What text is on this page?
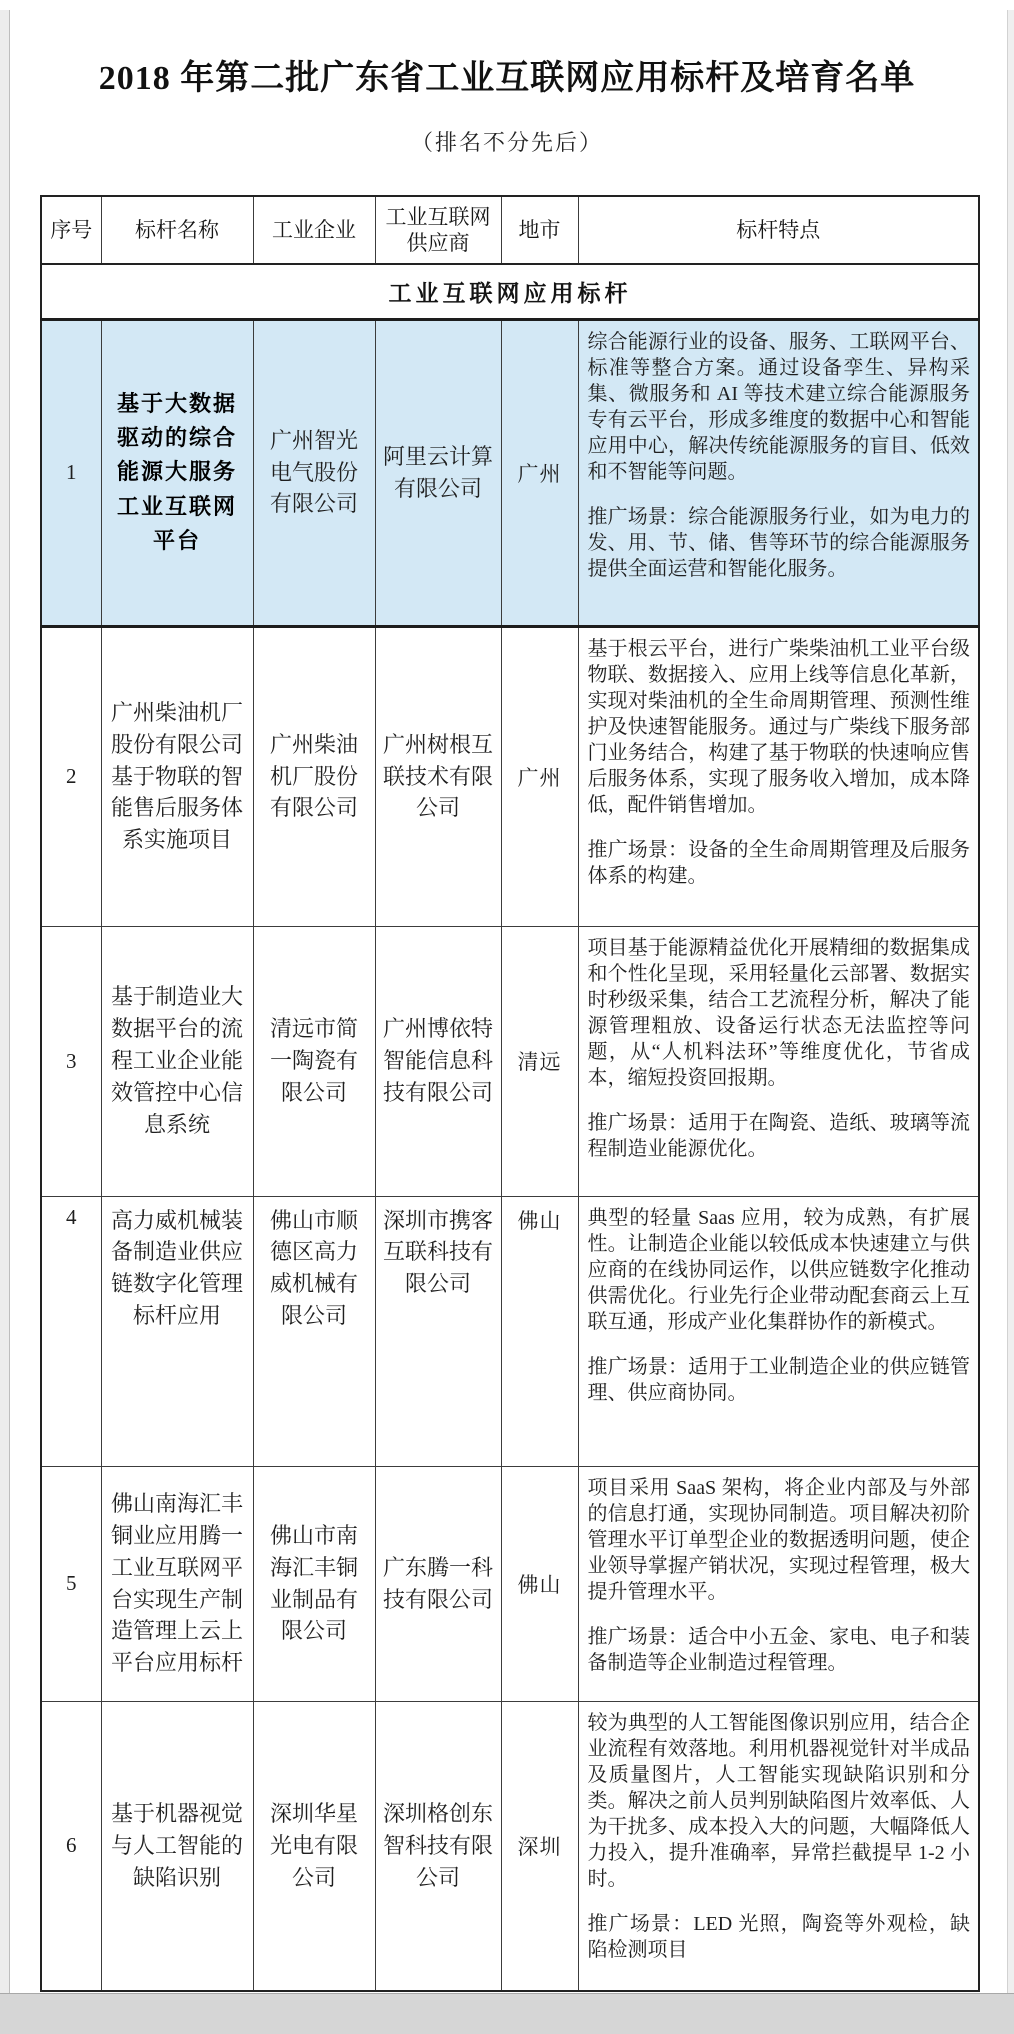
2018 年第二批广东省工业互联网应用标杆及培育名单
（排名不分先后）
序号	标杆名称	工业企业	工业互联网供应商	地市	标杆特点
工业互联网应用标杆					
1	基于大数据驱动的综合能源大服务工业互联网平台	广州智光电气股份有限公司	阿里云计算有限公司	广州	综合能源行业的设备、服务、工联网平台、标准等整合方案。通过设备孪生、异构采集、微服务和 AI 等技术建立综合能源服务专有云平台，形成多维度的数据中心和智能应用中心，解决传统能源服务的盲目、低效和不智能等问题。

推广场景：综合能源服务行业，如为电力的发、用、节、储、售等环节的综合能源服务提供全面运营和智能化服务。

2	广州柴油机厂股份有限公司基于物联的智能售后服务体系实施项目	广州柴油机厂股份有限公司	广州树根互联技术有限公司	广州	基于根云平台，进行广柴柴油机工业平台级物联、数据接入、应用上线等信息化革新，实现对柴油机的全生命周期管理、预测性维护及快速智能服务。通过与广柴线下服务部门业务结合，构建了基于物联的快速响应售后服务体系，实现了服务收入增加，成本降低，配件销售增加。

推广场景：设备的全生命周期管理及后服务体系的构建。

3	基于制造业大数据平台的流程工业企业能效管控中心信息系统	清远市简一陶瓷有限公司	广州博依特智能信息科技有限公司	清远	项目基于能源精益优化开展精细的数据集成和个性化呈现，采用轻量化云部署、数据实时秒级采集，结合工艺流程分析，解决了能源管理粗放、设备运行状态无法监控等问题，从“人机料法环”等维度优化，节省成本，缩短投资回报期。

推广场景：适用于在陶瓷、造纸、玻璃等流程制造业能源优化。

4	高力威机械装备制造业供应链数字化管理标杆应用	佛山市顺德区高力威机械有限公司	深圳市携客互联科技有限公司	佛山	典型的轻量 Saas 应用，较为成熟，有扩展性。让制造企业能以较低成本快速建立与供应商的在线协同运作，以供应链数字化推动供需优化。行业先行企业带动配套商云上互联互通，形成产业化集群协作的新模式。

推广场景：适用于工业制造企业的供应链管理、供应商协同。

5	佛山南海汇丰铜业应用腾一工业互联网平台实现生产制造管理上云上平台应用标杆	佛山市南海汇丰铜业制品有限公司	广东腾一科技有限公司	佛山	项目采用 SaaS 架构，将企业内部及与外部的信息打通，实现协同制造。项目解决初阶管理水平订单型企业的数据透明问题，使企业领导掌握产销状况，实现过程管理，极大提升管理水平。

推广场景：适合中小五金、家电、电子和装备制造等企业制造过程管理。

6	基于机器视觉与人工智能的缺陷识别	深圳华星光电有限公司	深圳格创东智科技有限公司	深圳	较为典型的人工智能图像识别应用，结合企业流程有效落地。利用机器视觉针对半成品及质量图片，人工智能实现缺陷识别和分类。解决之前人员判别缺陷图片效率低、人为干扰多、成本投入大的问题，大幅降低人力投入，提升准确率，异常拦截提早 1-2 小时。

推广场景：LED 光照，陶瓷等外观检，缺陷检测项目
